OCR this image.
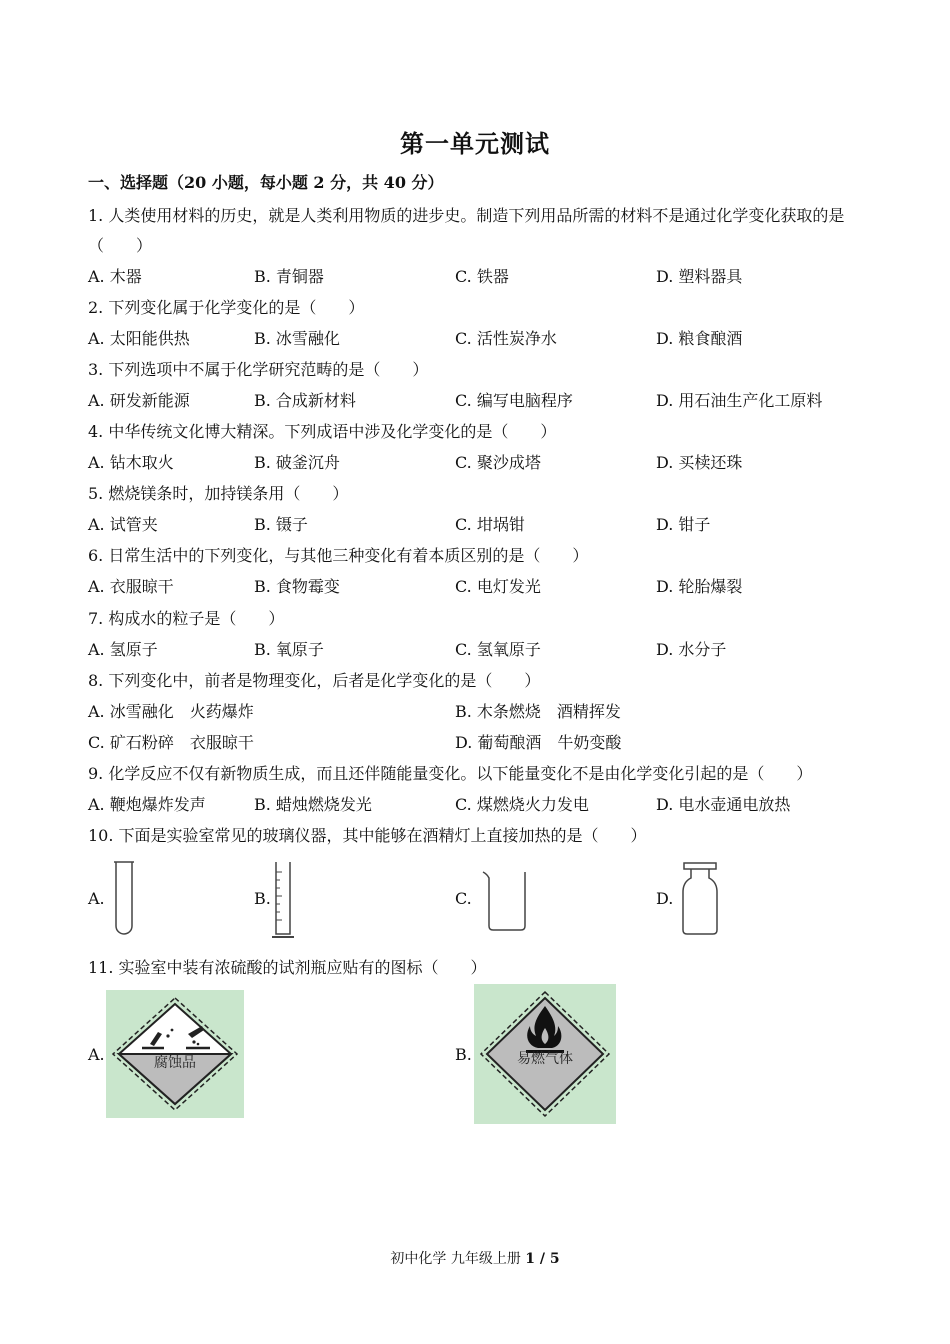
第一单元测试
一、选择题（20 小题，每小题 2 分，共 40 分）
1. 人类使用材料的历史，就是人类利用物质的进步史。制造下列用品所需的材料不是通过化学变化获取的是
（　　）
A. 木器	B. 青铜器	C. 铁器	D. 塑料器具
2. 下列变化属于化学变化的是（　　）
A. 太阳能供热	B. 冰雪融化	C. 活性炭净水	D. 粮食酿酒
3. 下列选项中不属于化学研究范畴的是（　　）
A. 研发新能源	B. 合成新材料	C. 编写电脑程序	D. 用石油生产化工原料
4. 中华传统文化博大精深。下列成语中涉及化学变化的是（　　）
A. 钻木取火	B. 破釜沉舟	C. 聚沙成塔	D. 买椟还珠
5. 燃烧镁条时，加持镁条用（　　）
A. 试管夹	B. 镊子	C. 坩埚钳	D. 钳子
6. 日常生活中的下列变化，与其他三种变化有着本质区别的是（　　）
A. 衣服晾干	B. 食物霉变	C. 电灯发光	D. 轮胎爆裂
7. 构成水的粒子是（　　）
A. 氢原子	B. 氧原子	C. 氢氧原子	D. 水分子
8. 下列变化中，前者是物理变化，后者是化学变化的是（　　）
A. 冰雪融化　火药爆炸	B. 木条燃烧　酒精挥发
C. 矿石粉碎　衣服晾干	D. 葡萄酿酒　牛奶变酸
9. 化学反应不仅有新物质生成，而且还伴随能量变化。以下能量变化不是由化学变化引起的是（　　）
A. 鞭炮爆炸发声	B. 蜡烛燃烧发光	C. 煤燃烧火力发电	D. 电水壶通电放热
10. 下面是实验室常见的玻璃仪器，其中能够在酒精灯上直接加热的是（　　）
A.	B.	C.	D.
11. 实验室中装有浓硫酸的试剂瓶应贴有的图标（　　）
A.	B.
腐蚀品	易燃气体
初中化学 九年级上册 1 / 5
